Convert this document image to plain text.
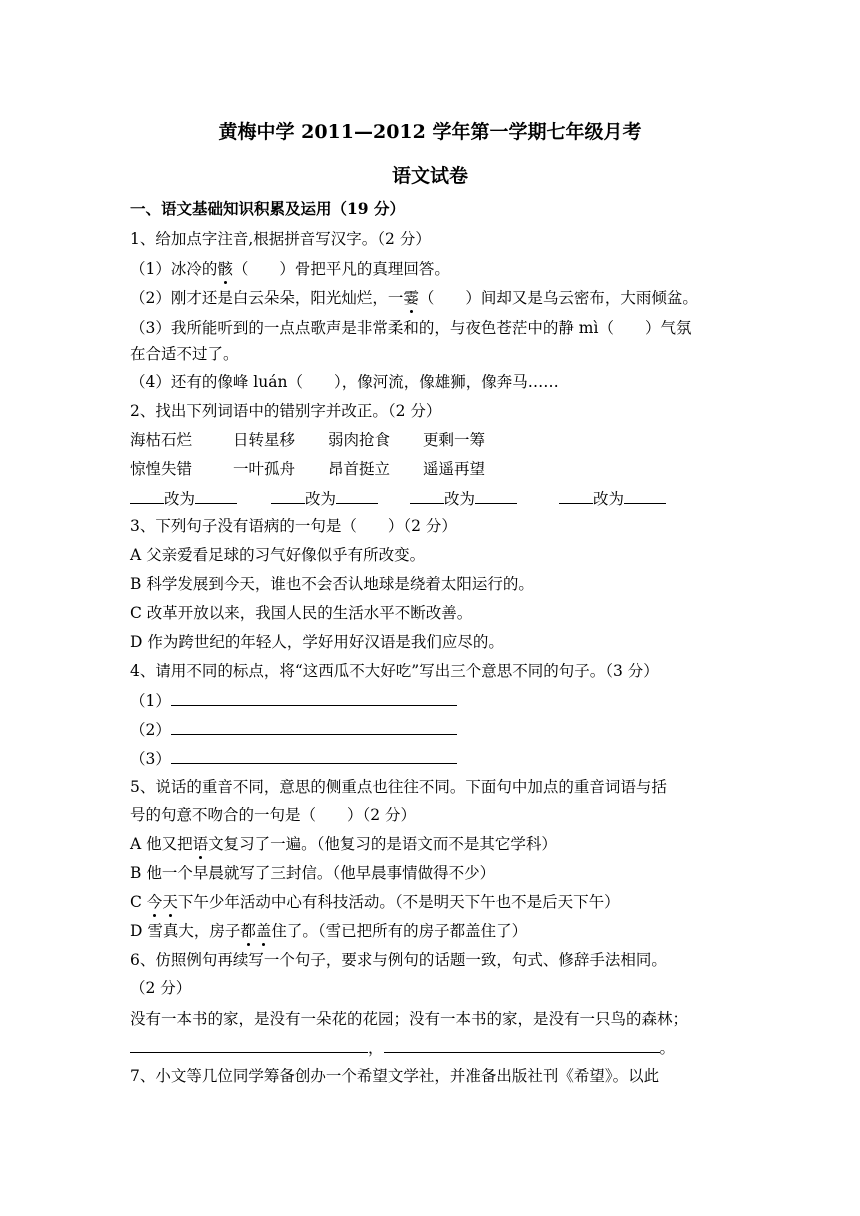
黄梅中学 2011—2012 学年第一学期七年级月考
语文试卷
一、语文基础知识积累及运用（19 分）
1、给加点字注音,根据拼音写汉字。（2 分）
（1）冰冷的骸（　　）骨把平凡的真理回答。
（2）刚才还是白云朵朵，阳光灿烂，一霎（　　）间却又是乌云密布，大雨倾盆。
（3）我所能听到的一点点歌声是非常柔和的，与夜色苍茫中的静 mì（　　）气氛
在合适不过了。
（4）还有的像峰 luán（　　），像河流，像雄狮，像奔马……
2、找出下列词语中的错别字并改正。（2 分）
海枯石烂	日转星移 弱肉抢食 更剩一筹
惊惶失错	一叶孤舟 昂首挺立 遥遥再望
改为	改为	改为	改为
3、下列句子没有语病的一句是（　　）（2 分）
A 父亲爱看足球的习气好像似乎有所改变。
B 科学发展到今天，谁也不会否认地球是绕着太阳运行的。
C 改革开放以来，我国人民的生活水平不断改善。
D 作为跨世纪的年轻人，学好用好汉语是我们应尽的。
4、请用不同的标点，将“这西瓜不大好吃”写出三个意思不同的句子。（3 分）
（1）
（2）
（3）
5、说话的重音不同，意思的侧重点也往往不同。下面句中加点的重音词语与括
号的句意不吻合的一句是（　　）（2 分）
A 他又把语文复习了一遍。（他复习的是语文而不是其它学科）
B 他一个早晨就写了三封信。（他早晨事情做得不少）
C 今天下午少年活动中心有科技活动。（不是明天下午也不是后天下午）
D 雪真大，房子都盖住了。（雪已把所有的房子都盖住了）
6、仿照例句再续写一个句子，要求与例句的话题一致，句式、修辞手法相同。
（2 分）
没有一本书的家，是没有一朵花的花园；没有一本书的家，是没有一只鸟的森林；
，	。
7、小文等几位同学筹备创办一个希望文学社，并准备出版社刊《希望》。以此
